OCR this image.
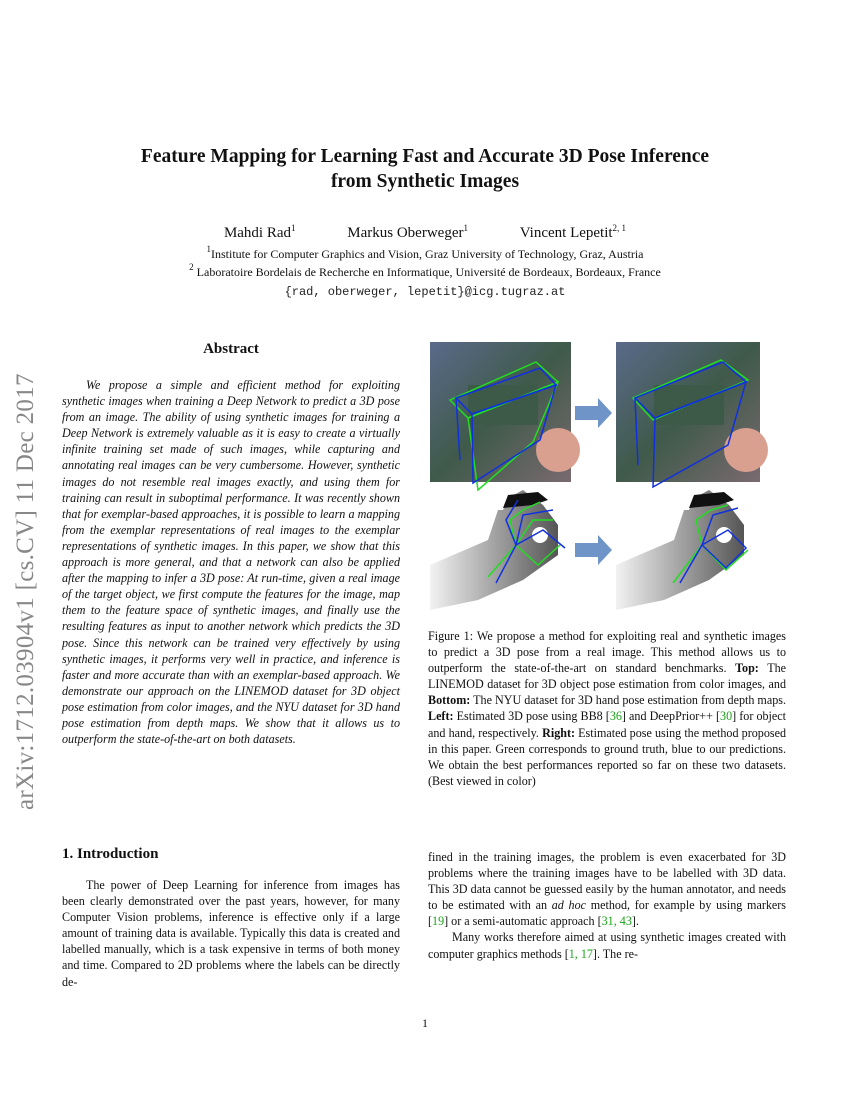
arXiv:1712.03904v1 [cs.CV] 11 Dec 2017
Feature Mapping for Learning Fast and Accurate 3D Pose Inference
from Synthetic Images
Mahdi Rad$^1$	Markus Oberweger$^1$	Vincent Lepetit$^{2, 1}$
$^1$Institute for Computer Graphics and Vision, Graz University of Technology, Graz, Austria
$^2$ Laboratoire Bordelais de Recherche en Informatique, Université de Bordeaux, Bordeaux, France
{rad, oberweger, lepetit}@icg.tugraz.at
Abstract
We propose a simple and efficient method for exploiting synthetic images when training a Deep Network to predict a 3D pose from an image. The ability of using synthetic images for training a Deep Network is extremely valuable as it is easy to create a virtually infinite training set made of such images, while capturing and annotating real images can be very cumbersome. However, synthetic images do not resemble real images exactly, and using them for training can result in suboptimal performance. It was recently shown that for exemplar-based approaches, it is possible to learn a mapping from the exemplar representations of real images to the exemplar representations of synthetic images. In this paper, we show that this approach is more general, and that a network can also be applied after the mapping to infer a 3D pose: At run-time, given a real image of the target object, we first compute the features for the image, map them to the feature space of synthetic images, and finally use the resulting features as input to another network which predicts the 3D pose. Since this network can be trained very effectively by using synthetic images, it performs very well in practice, and inference is faster and more accurate than with an exemplar-based approach. We demonstrate our approach on the LINEMOD dataset for 3D object pose estimation from color images, and the NYU dataset for 3D hand pose estimation from depth maps. We show that it allows us to outperform the state-of-the-art on both datasets.
1. Introduction

The power of Deep Learning for inference from images has been clearly demonstrated over the past years, however, for many Computer Vision problems, inference is effective only if a large amount of training data is available. Typically this data is created and labelled manually, which is a task expensive in terms of both money and time. Compared to 2D problems where the labels can be directly de-

Figure 1: We propose a method for exploiting real and synthetic images to predict a 3D pose from a real image. This method allows us to outperform the state-of-the-art on standard benchmarks. Top: The LINEMOD dataset for 3D object pose estimation from color images, and Bottom: The NYU dataset for 3D hand pose estimation from depth maps. Left: Estimated 3D pose using BB8 [36] and DeepPrior++ [30] for object and hand, respectively. Right: Estimated pose using the method proposed in this paper. Green corresponds to ground truth, blue to our predictions. We obtain the best performances reported so far on these two datasets. (Best viewed in color)

fined in the training images, the problem is even exacerbated for 3D problems where the training images have to be labelled with 3D data. This 3D data cannot be guessed easily by the human annotator, and needs to be estimated with an ad hoc method, for example by using markers [19] or a semi-automatic approach [31, 43].

Many works therefore aimed at using synthetic images created with computer graphics methods [1, 17]. The re-

1
